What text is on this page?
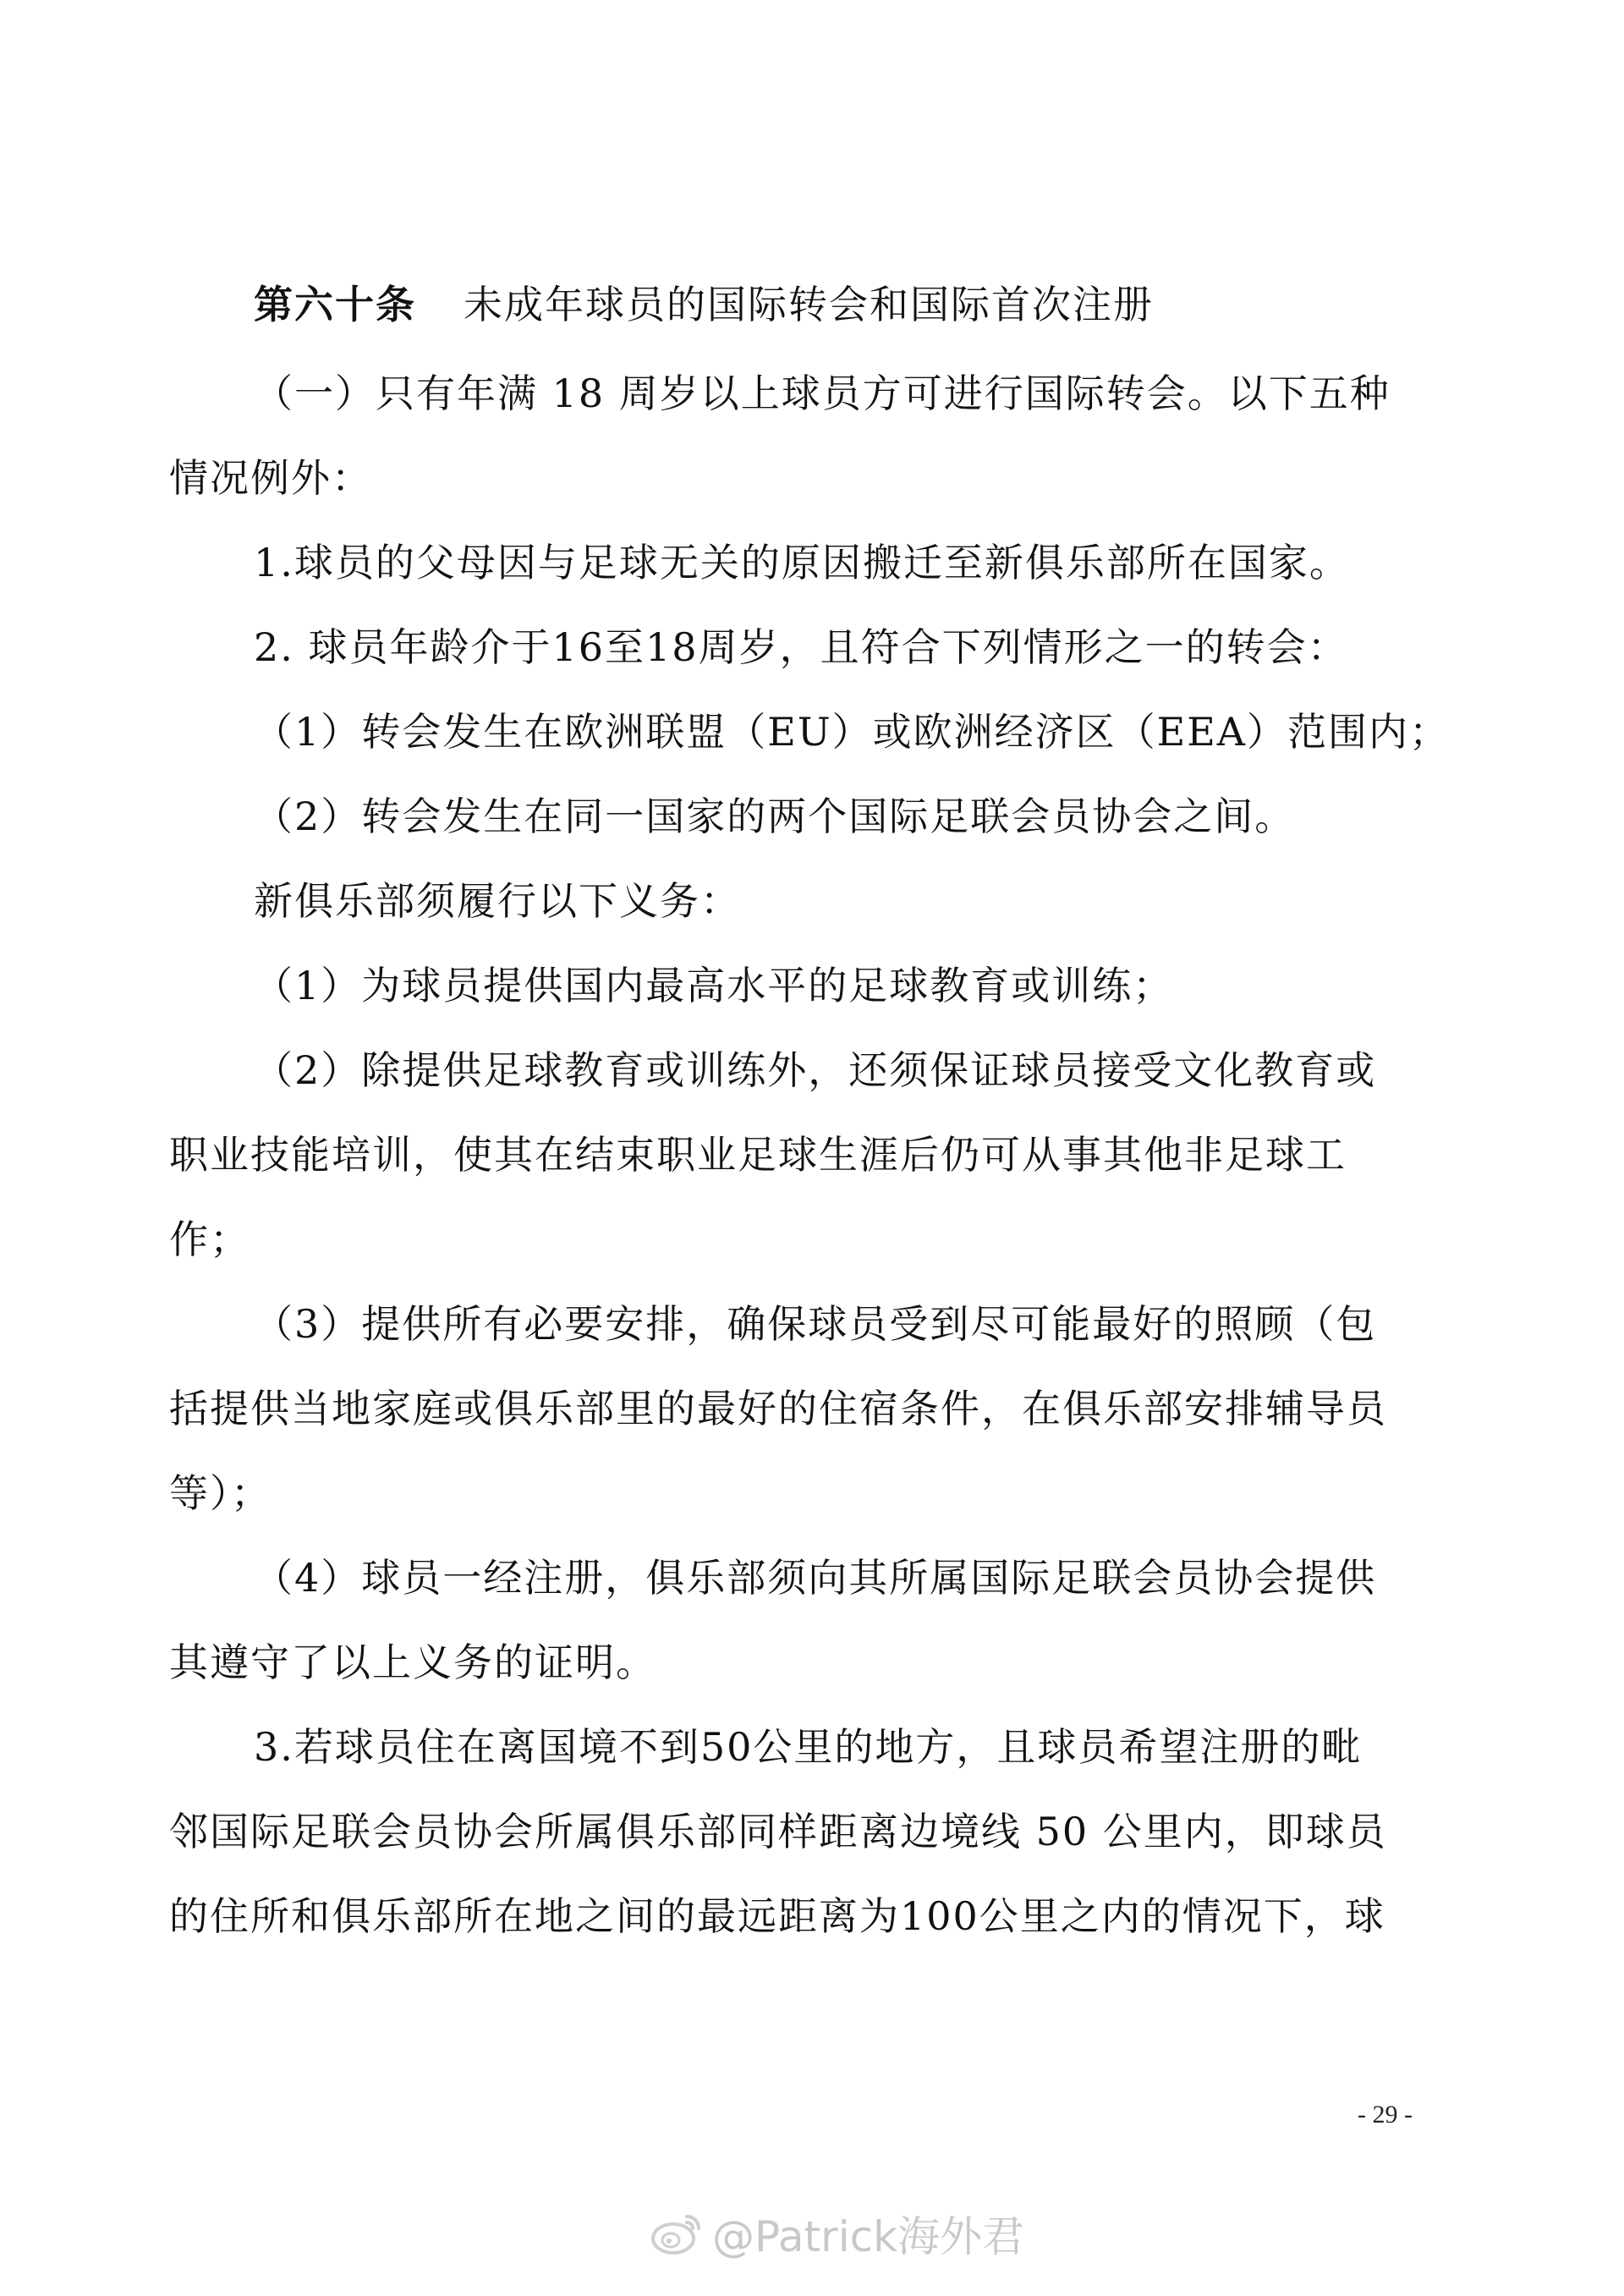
第六十条 未成年球员的国际转会和国际首次注册
（一）只有年满 18 周岁以上球员方可进行国际转会。以下五种
情况例外：
1.球员的父母因与足球无关的原因搬迁至新俱乐部所在国家。
2. 球员年龄介于16至18周岁，且符合下列情形之一的转会：
（1）转会发生在欧洲联盟（EU）或欧洲经济区（EEA）范围内；
（2）转会发生在同一国家的两个国际足联会员协会之间。
新俱乐部须履行以下义务：
（1）为球员提供国内最高水平的足球教育或训练；
（2）除提供足球教育或训练外，还须保证球员接受文化教育或
职业技能培训，使其在结束职业足球生涯后仍可从事其他非足球工
作；
（3）提供所有必要安排，确保球员受到尽可能最好的照顾（包
括提供当地家庭或俱乐部里的最好的住宿条件，在俱乐部安排辅导员
等）；
（4）球员一经注册，俱乐部须向其所属国际足联会员协会提供
其遵守了以上义务的证明。
3.若球员住在离国境不到50公里的地方，且球员希望注册的毗
邻国际足联会员协会所属俱乐部同样距离边境线 50 公里内，即球员
的住所和俱乐部所在地之间的最远距离为100公里之内的情况下，球
- 29 -
@Patrick海外君
